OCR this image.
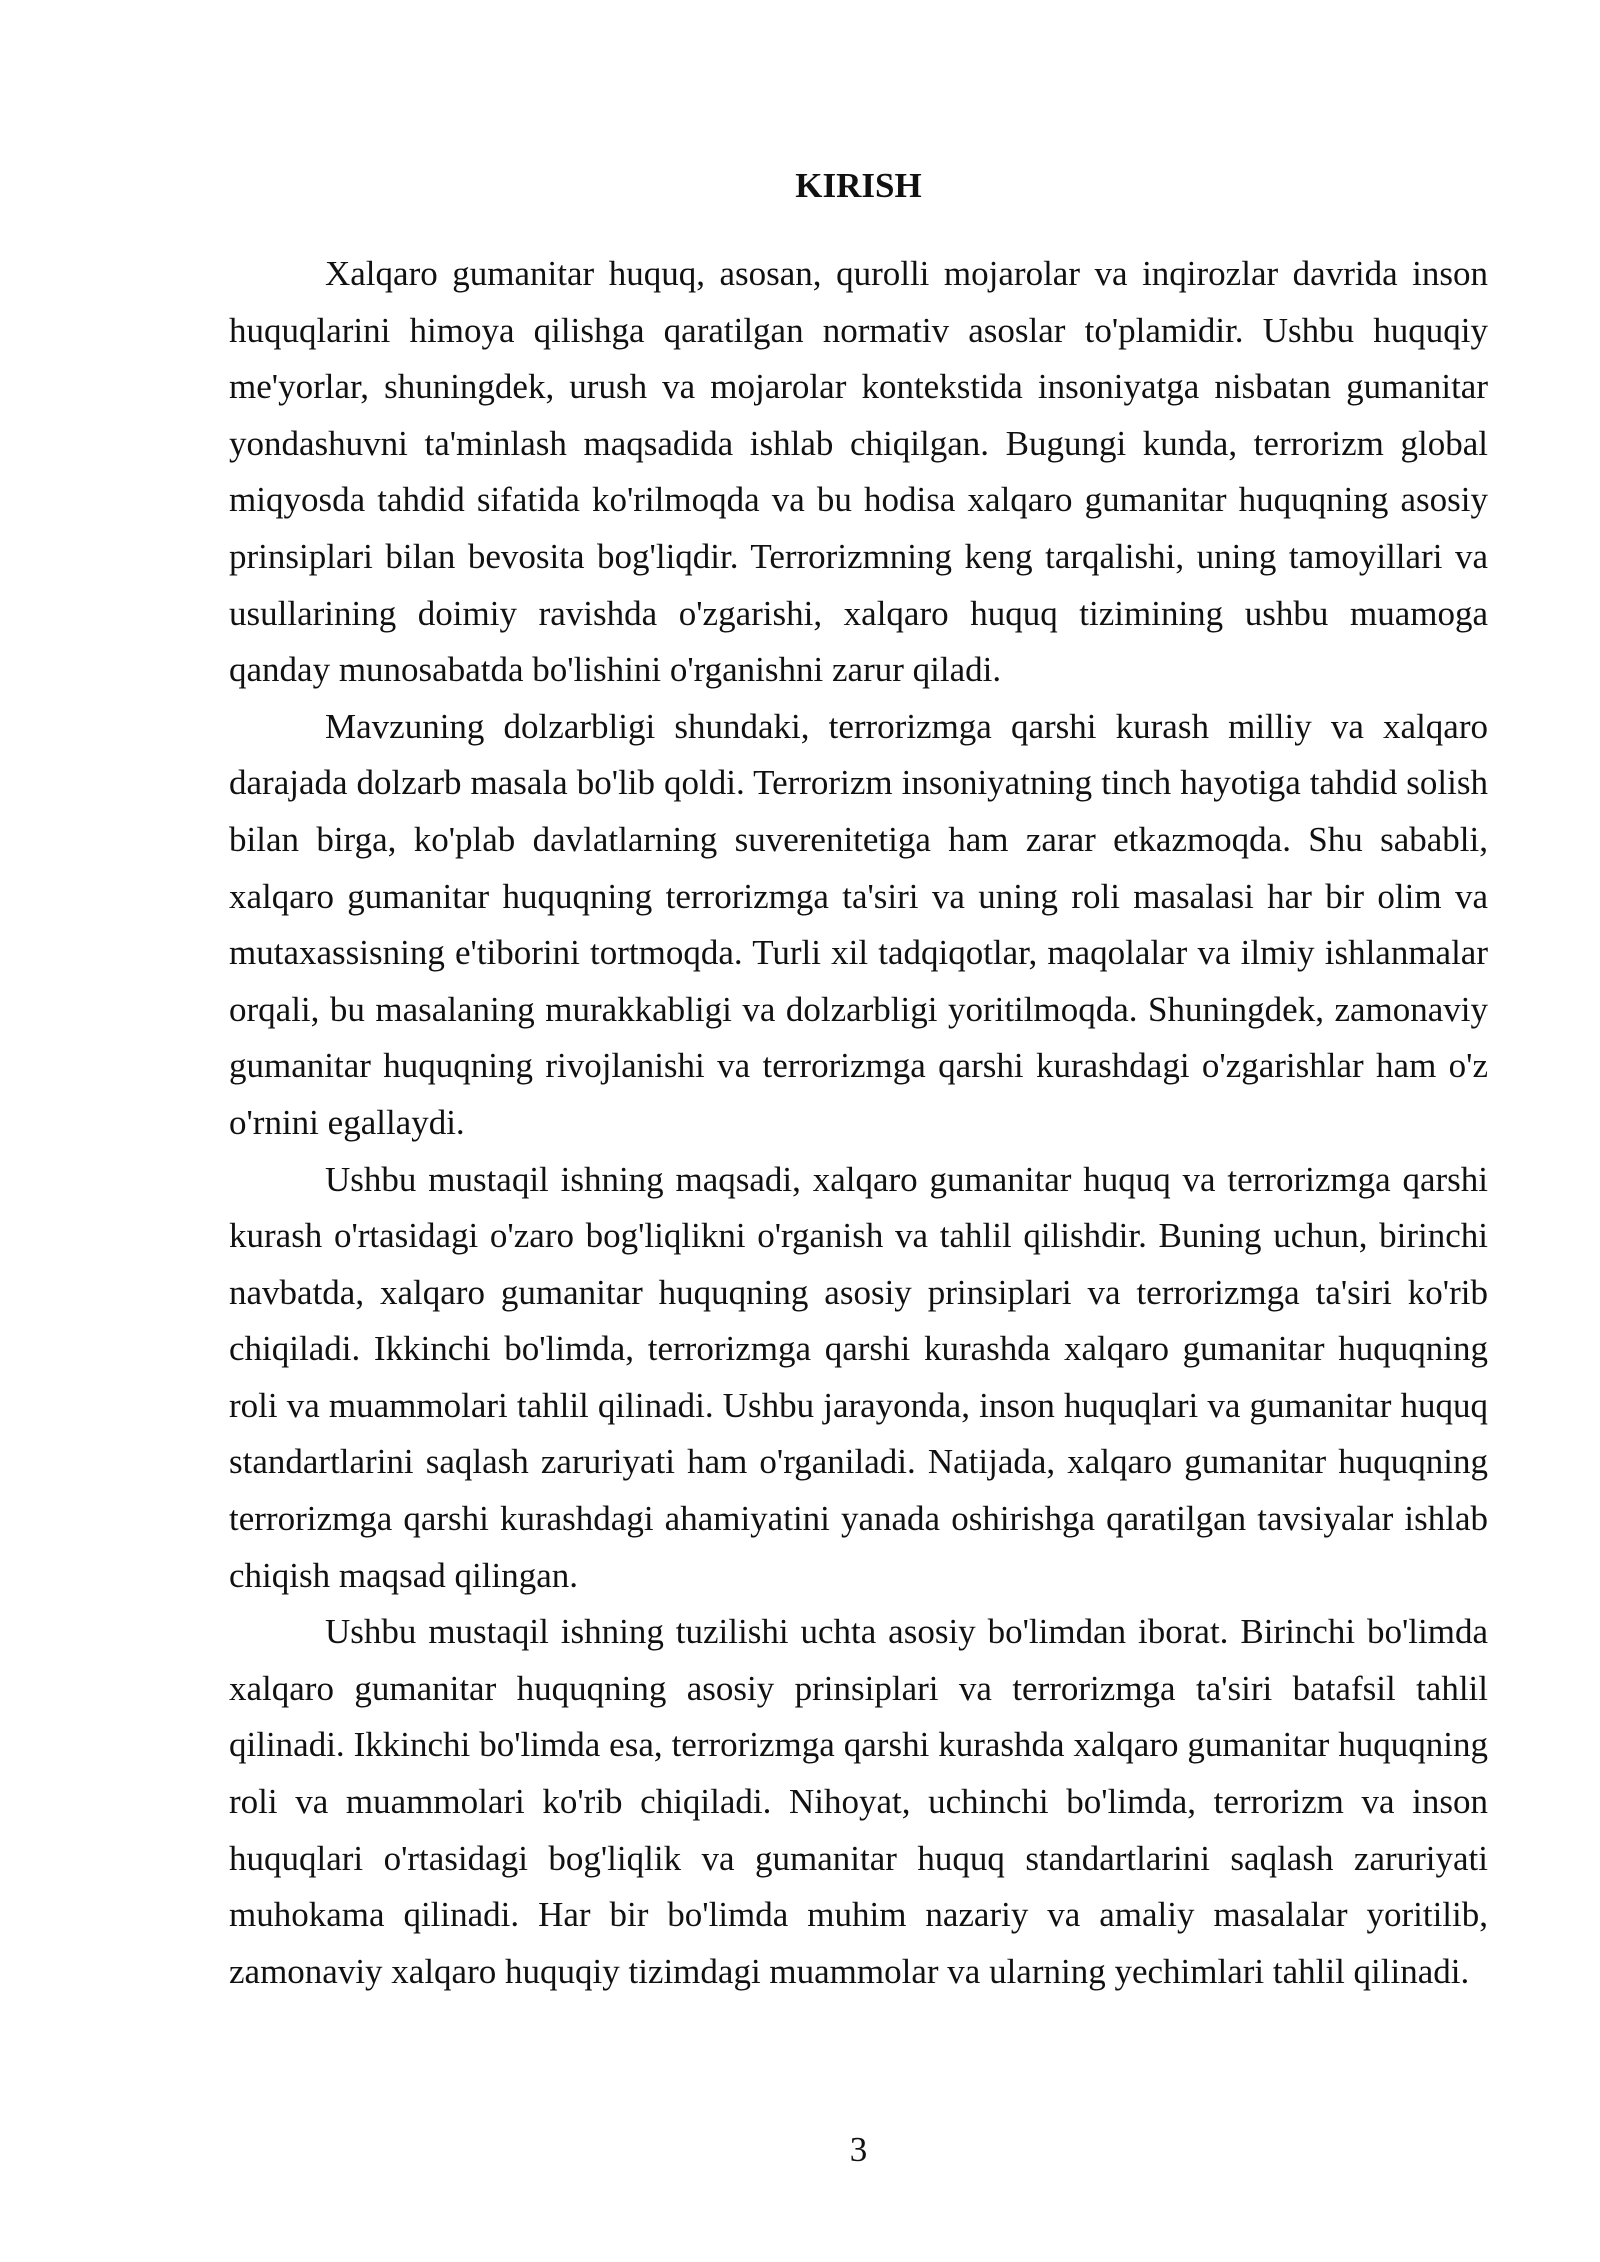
KIRISH

Xalqaro gumanitar huquq, asosan, qurolli mojarolar va inqirozlar davrida inson huquqlarini himoya qilishga qaratilgan normativ asoslar to'plamidir. Ushbu huquqiy me'yorlar, shuningdek, urush va mojarolar kontekstida insoniyatga nisbatan gumanitar yondashuvni ta'minlash maqsadida ishlab chiqilgan. Bugungi kunda, terrorizm global miqyosda tahdid sifatida ko'rilmoqda va bu hodisa xalqaro gumanitar huquqning asosiy prinsiplari bilan bevosita bog'liqdir. Terrorizmning keng tarqalishi, uning tamoyillari va usullarining doimiy ravishda o'zgarishi, xalqaro huquq tizimining ushbu muamoga qanday munosabatda bo'lishini o'rganishni zarur qiladi.

Mavzuning dolzarbligi shundaki, terrorizmga qarshi kurash milliy va xalqaro darajada dolzarb masala bo'lib qoldi. Terrorizm insoniyatning tinch hayotiga tahdid solish bilan birga, ko'plab davlatlarning suverenitetiga ham zarar etkazmoqda. Shu sababli, xalqaro gumanitar huquqning terrorizmga ta'siri va uning roli masalasi har bir olim va mutaxassisning e'tiborini tortmoqda. Turli xil tadqiqotlar, maqolalar va ilmiy ishlanmalar orqali, bu masalaning murakkabligi va dolzarbligi yoritilmoqda. Shuningdek, zamonaviy gumanitar huquqning rivojlanishi va terrorizmga qarshi kurashdagi o'zgarishlar ham o'z o'rnini egallaydi.

Ushbu mustaqil ishning maqsadi, xalqaro gumanitar huquq va terrorizmga qarshi kurash o'rtasidagi o'zaro bog'liqlikni o'rganish va tahlil qilishdir. Buning uchun, birinchi navbatda, xalqaro gumanitar huquqning asosiy prinsiplari va terrorizmga ta'siri ko'rib chiqiladi. Ikkinchi bo'limda, terrorizmga qarshi kurashda xalqaro gumanitar huquqning roli va muammolari tahlil qilinadi. Ushbu jarayonda, inson huquqlari va gumanitar huquq standartlarini saqlash zaruriyati ham o'rganiladi. Natijada, xalqaro gumanitar huquqning terrorizmga qarshi kurashdagi ahamiyatini yanada oshirishga qaratilgan tavsiyalar ishlab chiqish maqsad qilingan.

Ushbu mustaqil ishning tuzilishi uchta asosiy bo'limdan iborat. Birinchi bo'limda xalqaro gumanitar huquqning asosiy prinsiplari va terrorizmga ta'siri batafsil tahlil qilinadi. Ikkinchi bo'limda esa, terrorizmga qarshi kurashda xalqaro gumanitar huquqning roli va muammolari ko'rib chiqiladi. Nihoyat, uchinchi bo'limda, terrorizm va inson huquqlari o'rtasidagi bog'liqlik va gumanitar huquq standartlarini saqlash zaruriyati muhokama qilinadi. Har bir bo'limda muhim nazariy va amaliy masalalar yoritilib, zamonaviy xalqaro huquqiy tizimdagi muammolar va ularning yechimlari tahlil qilinadi.

3
